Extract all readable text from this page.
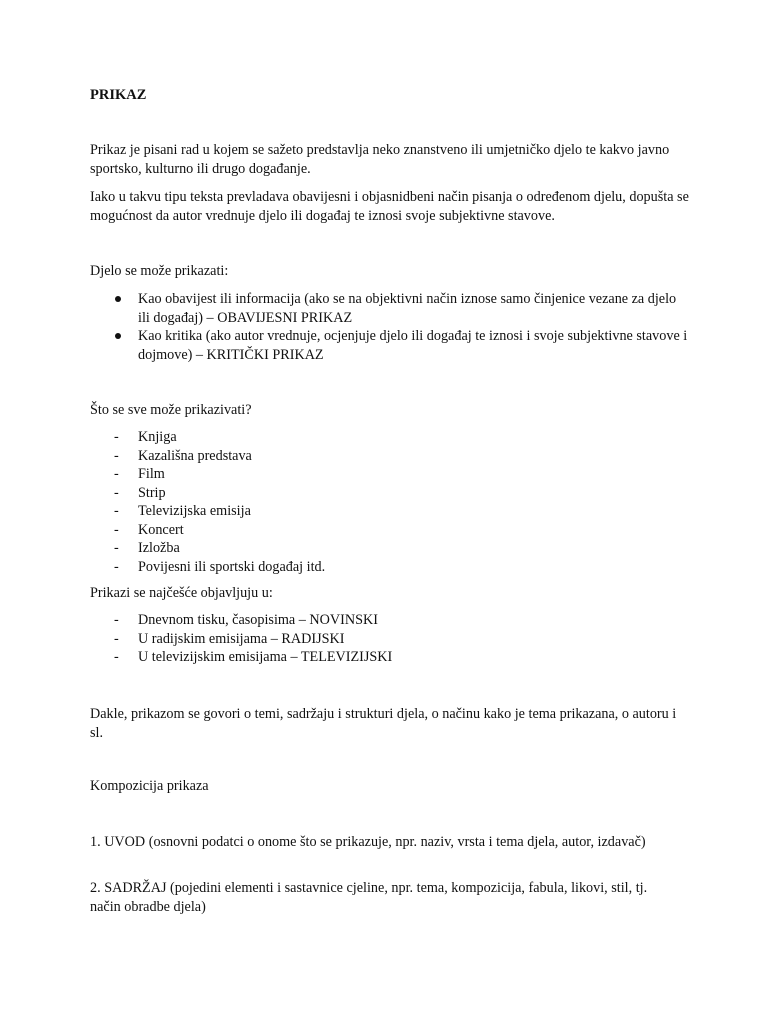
PRIKAZ
Prikaz je pisani rad u kojem se sažeto predstavlja neko znanstveno ili umjetničko djelo te kakvo javno sportsko, kulturno ili drugo događanje.
Iako u takvu tipu teksta prevladava obavijesni i objasnidbeni način pisanja o određenom djelu, dopušta se mogućnost da autor vrednuje djelo ili događaj te iznosi svoje subjektivne stavove.
Djelo se može prikazati:
Kao obavijest ili informacija (ako se na objektivni način iznose samo činjenice vezane za djelo ili događaj) – OBAVIJESNI PRIKAZ
Kao kritika (ako autor vrednuje, ocjenjuje djelo ili događaj te iznosi i svoje subjektivne stavove i dojmove) – KRITIČKI PRIKAZ
Što se sve može prikazivati?
- Knjiga
- Kazališna predstava
- Film
- Strip
- Televizijska emisija
- Koncert
- Izložba
- Povijesni ili sportski događaj itd.
Prikazi se najčešće objavljuju u:
- Dnevnom tisku, časopisima – NOVINSKI
- U radijskim emisijama – RADIJSKI
- U televizijskim emisijama – TELEVIZIJSKI
Dakle, prikazom se govori o temi, sadržaju i strukturi djela, o načinu kako je tema prikazana, o autoru i sl.
Kompozicija prikaza
1. UVOD (osnovni podatci o onome što se prikazuje, npr. naziv, vrsta i tema djela, autor, izdavač)
2. SADRŽAJ (pojedini elementi i sastavnice cjeline, npr. tema, kompozicija, fabula, likovi, stil, tj. način obradbe djela)
